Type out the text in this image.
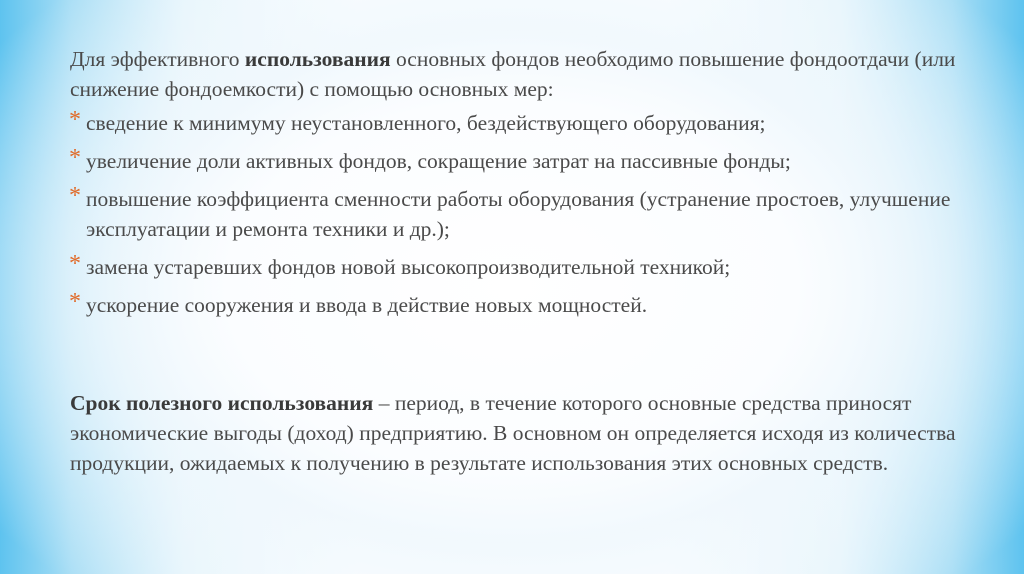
Для эффективного использования основных фондов необходимо повышение фондоотдачи (или снижение фондоемкости) с помощью основных мер:

* сведение к минимуму неустановленного, бездействующего оборудования;
* увеличение доли активных фондов, сокращение затрат на пассивные фонды;
* повышение коэффициента сменности работы оборудования (устранение простоев, улучшение эксплуатации и ремонта техники и др.);
* замена устаревших фондов новой высокопроизводительной техникой;
* ускорение сооружения и ввода в действие новых мощностей.

Срок полезного использования – период, в течение которого основные средства приносят экономические выгоды (доход) предприятию. В основном он определяется исходя из количества продукции, ожидаемых к получению в результате использования этих основных средств.
